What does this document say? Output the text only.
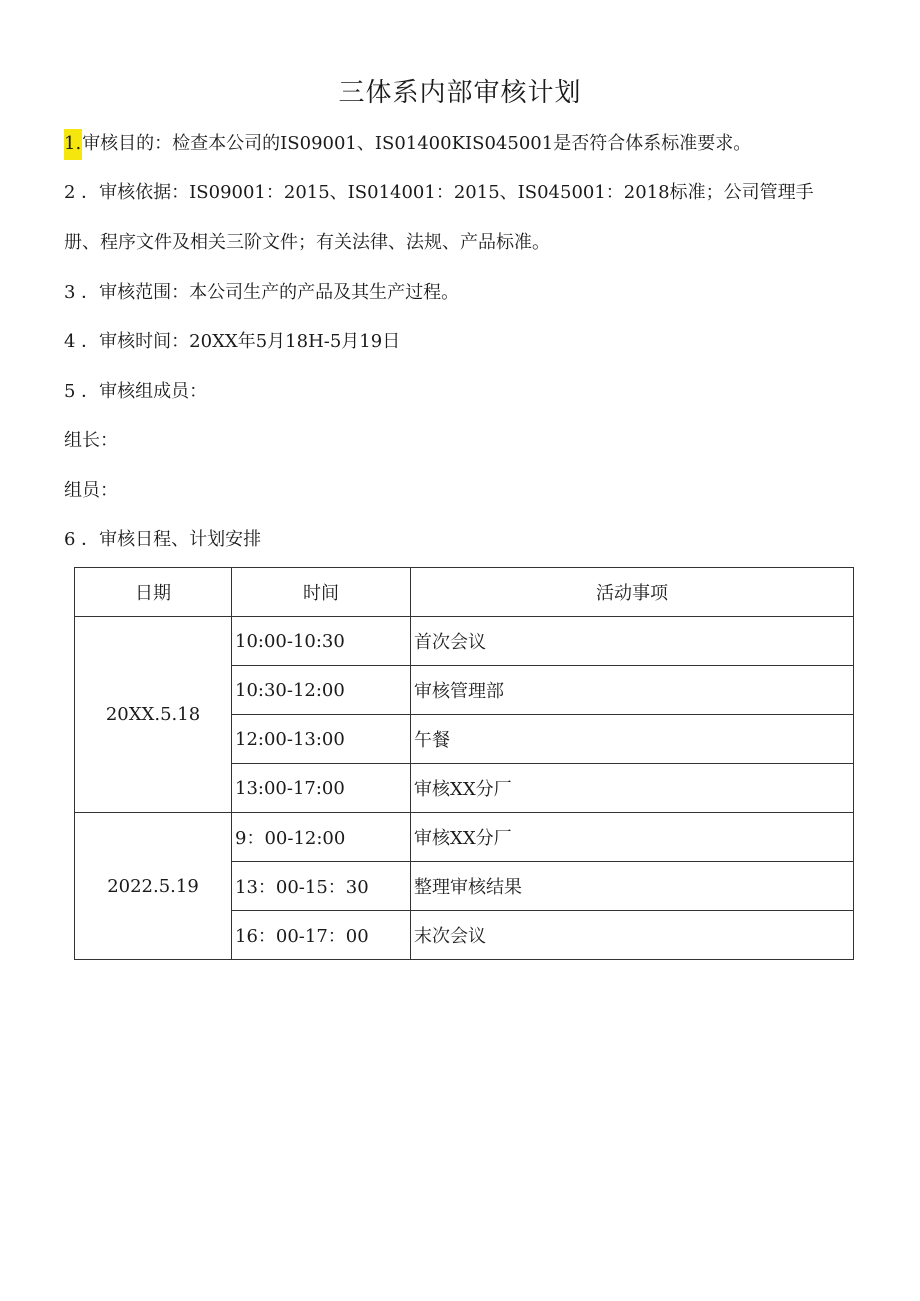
三体系内部审核计划
1.审核目的：检查本公司的IS09001、IS01400KIS045001是否符合体系标准要求。
2 ．审核依据：IS09001：2015、IS014001：2015、IS045001：2018标准；公司管理手
册、程序文件及相关三阶文件；有关法律、法规、产品标准。
3 ．审核范围：本公司生产的产品及其生产过程。
4 ．审核时间：20XX年5月18H-5月19日
5 ．审核组成员：
组长：
组员：
6 ．审核日程、计划安排
日期	时间	活动事项
20XX.5.18	10:00-10:30	首次会议
	10:30-12:00	审核管理部
	12:00-13:00	午餐
	13:00-17:00	审核XX分厂
2022.5.19	9：00-12:00	审核XX分厂
	13：00-15：30	整理审核结果
	16：00-17：00	末次会议
